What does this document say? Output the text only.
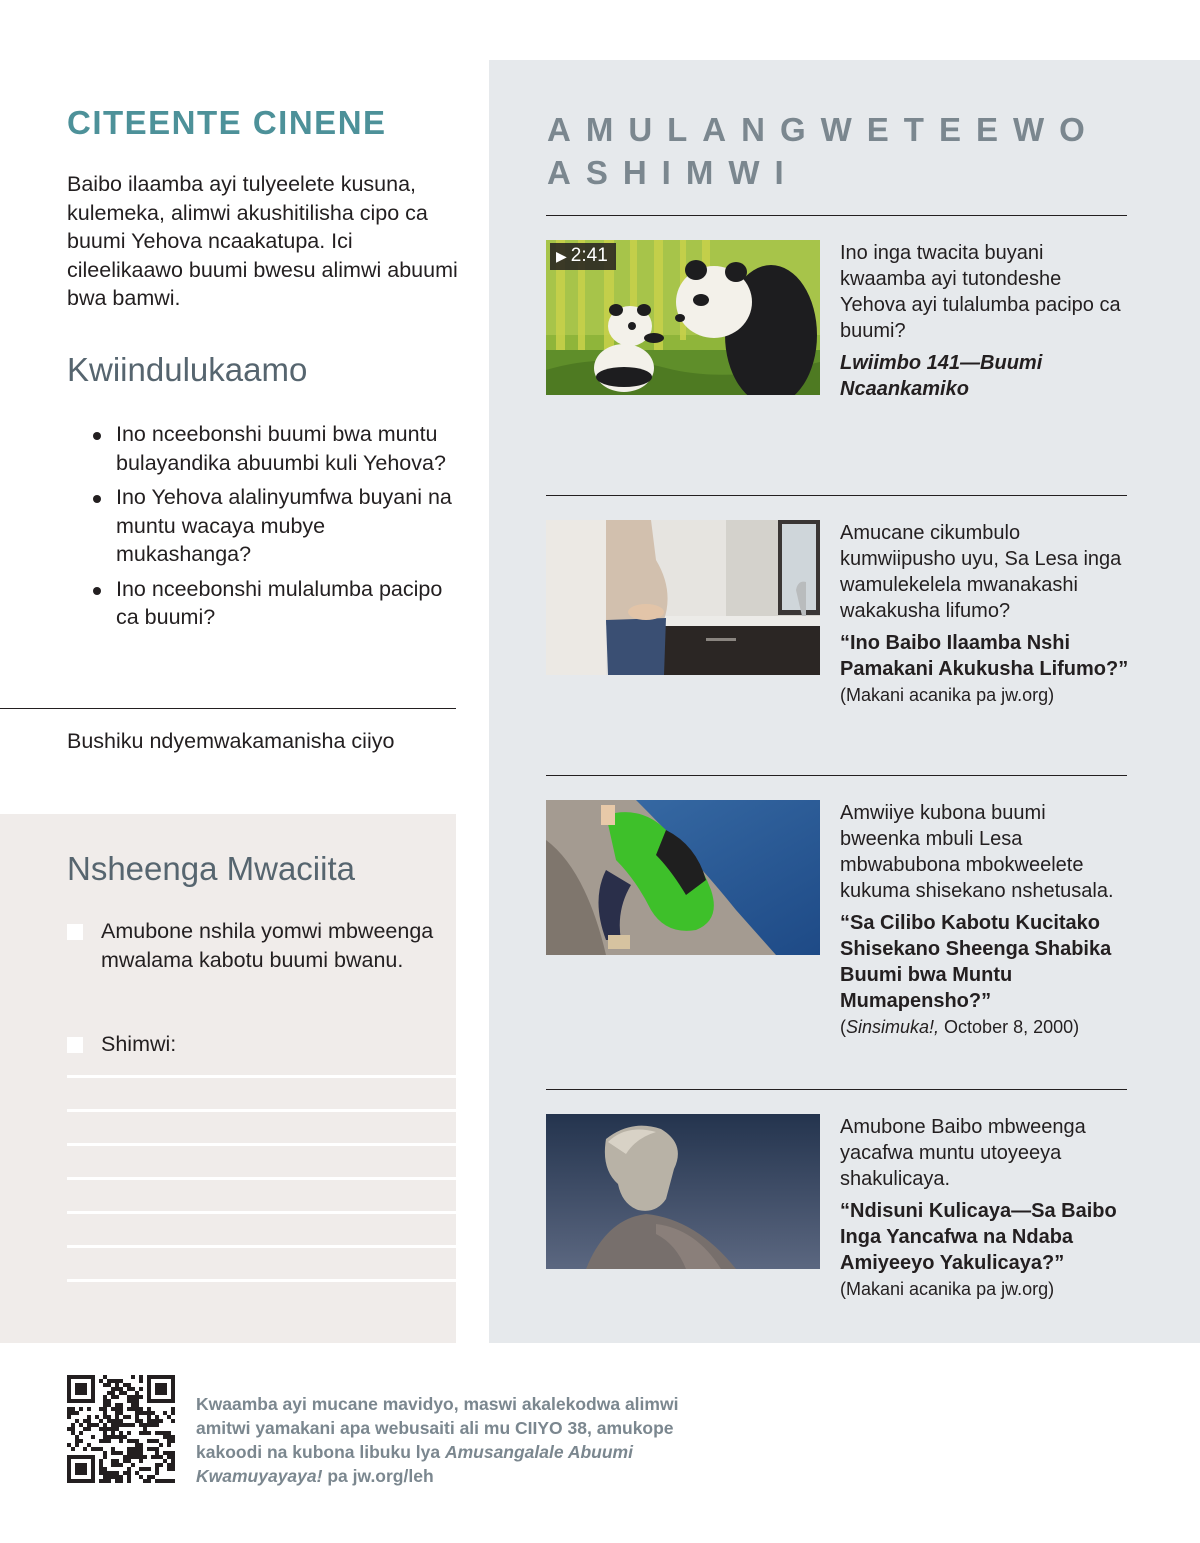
CITEENTE CINENE

Baibo ilaamba ayi tulyeelete kusuna, kulemeka, alimwi akushitilisha cipo ca buumi Yehova ncaakatupa. Ici cileelikaawo buumi bwesu alimwi abuumi bwa bamwi.

Kwiindulukaamo
Ino nceebonshi buumi bwa muntu bulayandika abuumbi kuli Yehova?
Ino Yehova alalinyumfwa buyani na muntu wacaya mubye mukashanga?
Ino nceebonshi mulalumba pacipo ca buumi?
Bushiku ndyemwakamanisha ciiyo
Nsheenga Mwaciita
Amubone nshila yomwi mbweenga mwalama kabotu buumi bwanu.
Shimwi:
AMULANGWETEEWO ASHIMWI
▶ 2:41	Ino inga twacita buyani kwaamba ayi tutondeshe Yehova ayi tulalumba pacipo ca buumi?

Lwiimbo 141—Buumi Ncaankamiko

Amucane cikumbulo kumwiipusho uyu, Sa Lesa inga wamulekelela mwanakashi wakakusha lifumo?

“Ino Baibo Ilaamba Nshi Pamakani Akukusha Lifumo?”

(Makani acanika pa jw.org)

Amwiiye kubona buumi bweenka mbuli Lesa mbwabubona mbokweelete kukuma shisekano nshetusala.

“Sa Cilibo Kabotu Kucitako Shisekano Sheenga Shabika Buumi bwa Muntu Mumapensho?”

(Sinsimuka!, October 8, 2000)

Amubone Baibo mbweenga yacafwa muntu utoyeeya shakulicaya.

“Ndisuni Kulicaya—Sa Baibo Inga Yancafwa na Ndaba Amiyeeyo Yakulicaya?” (Makani acanika pa jw.org)

Kwaamba ayi mucane mavidyo, maswi akalekodwa alimwi amitwi yamakani apa webusaiti ali mu CIIYO 38, amukope kakoodi na kubona libuku lya Amusangalale Abuumi Kwamuyayaya! pa jw.org/leh
